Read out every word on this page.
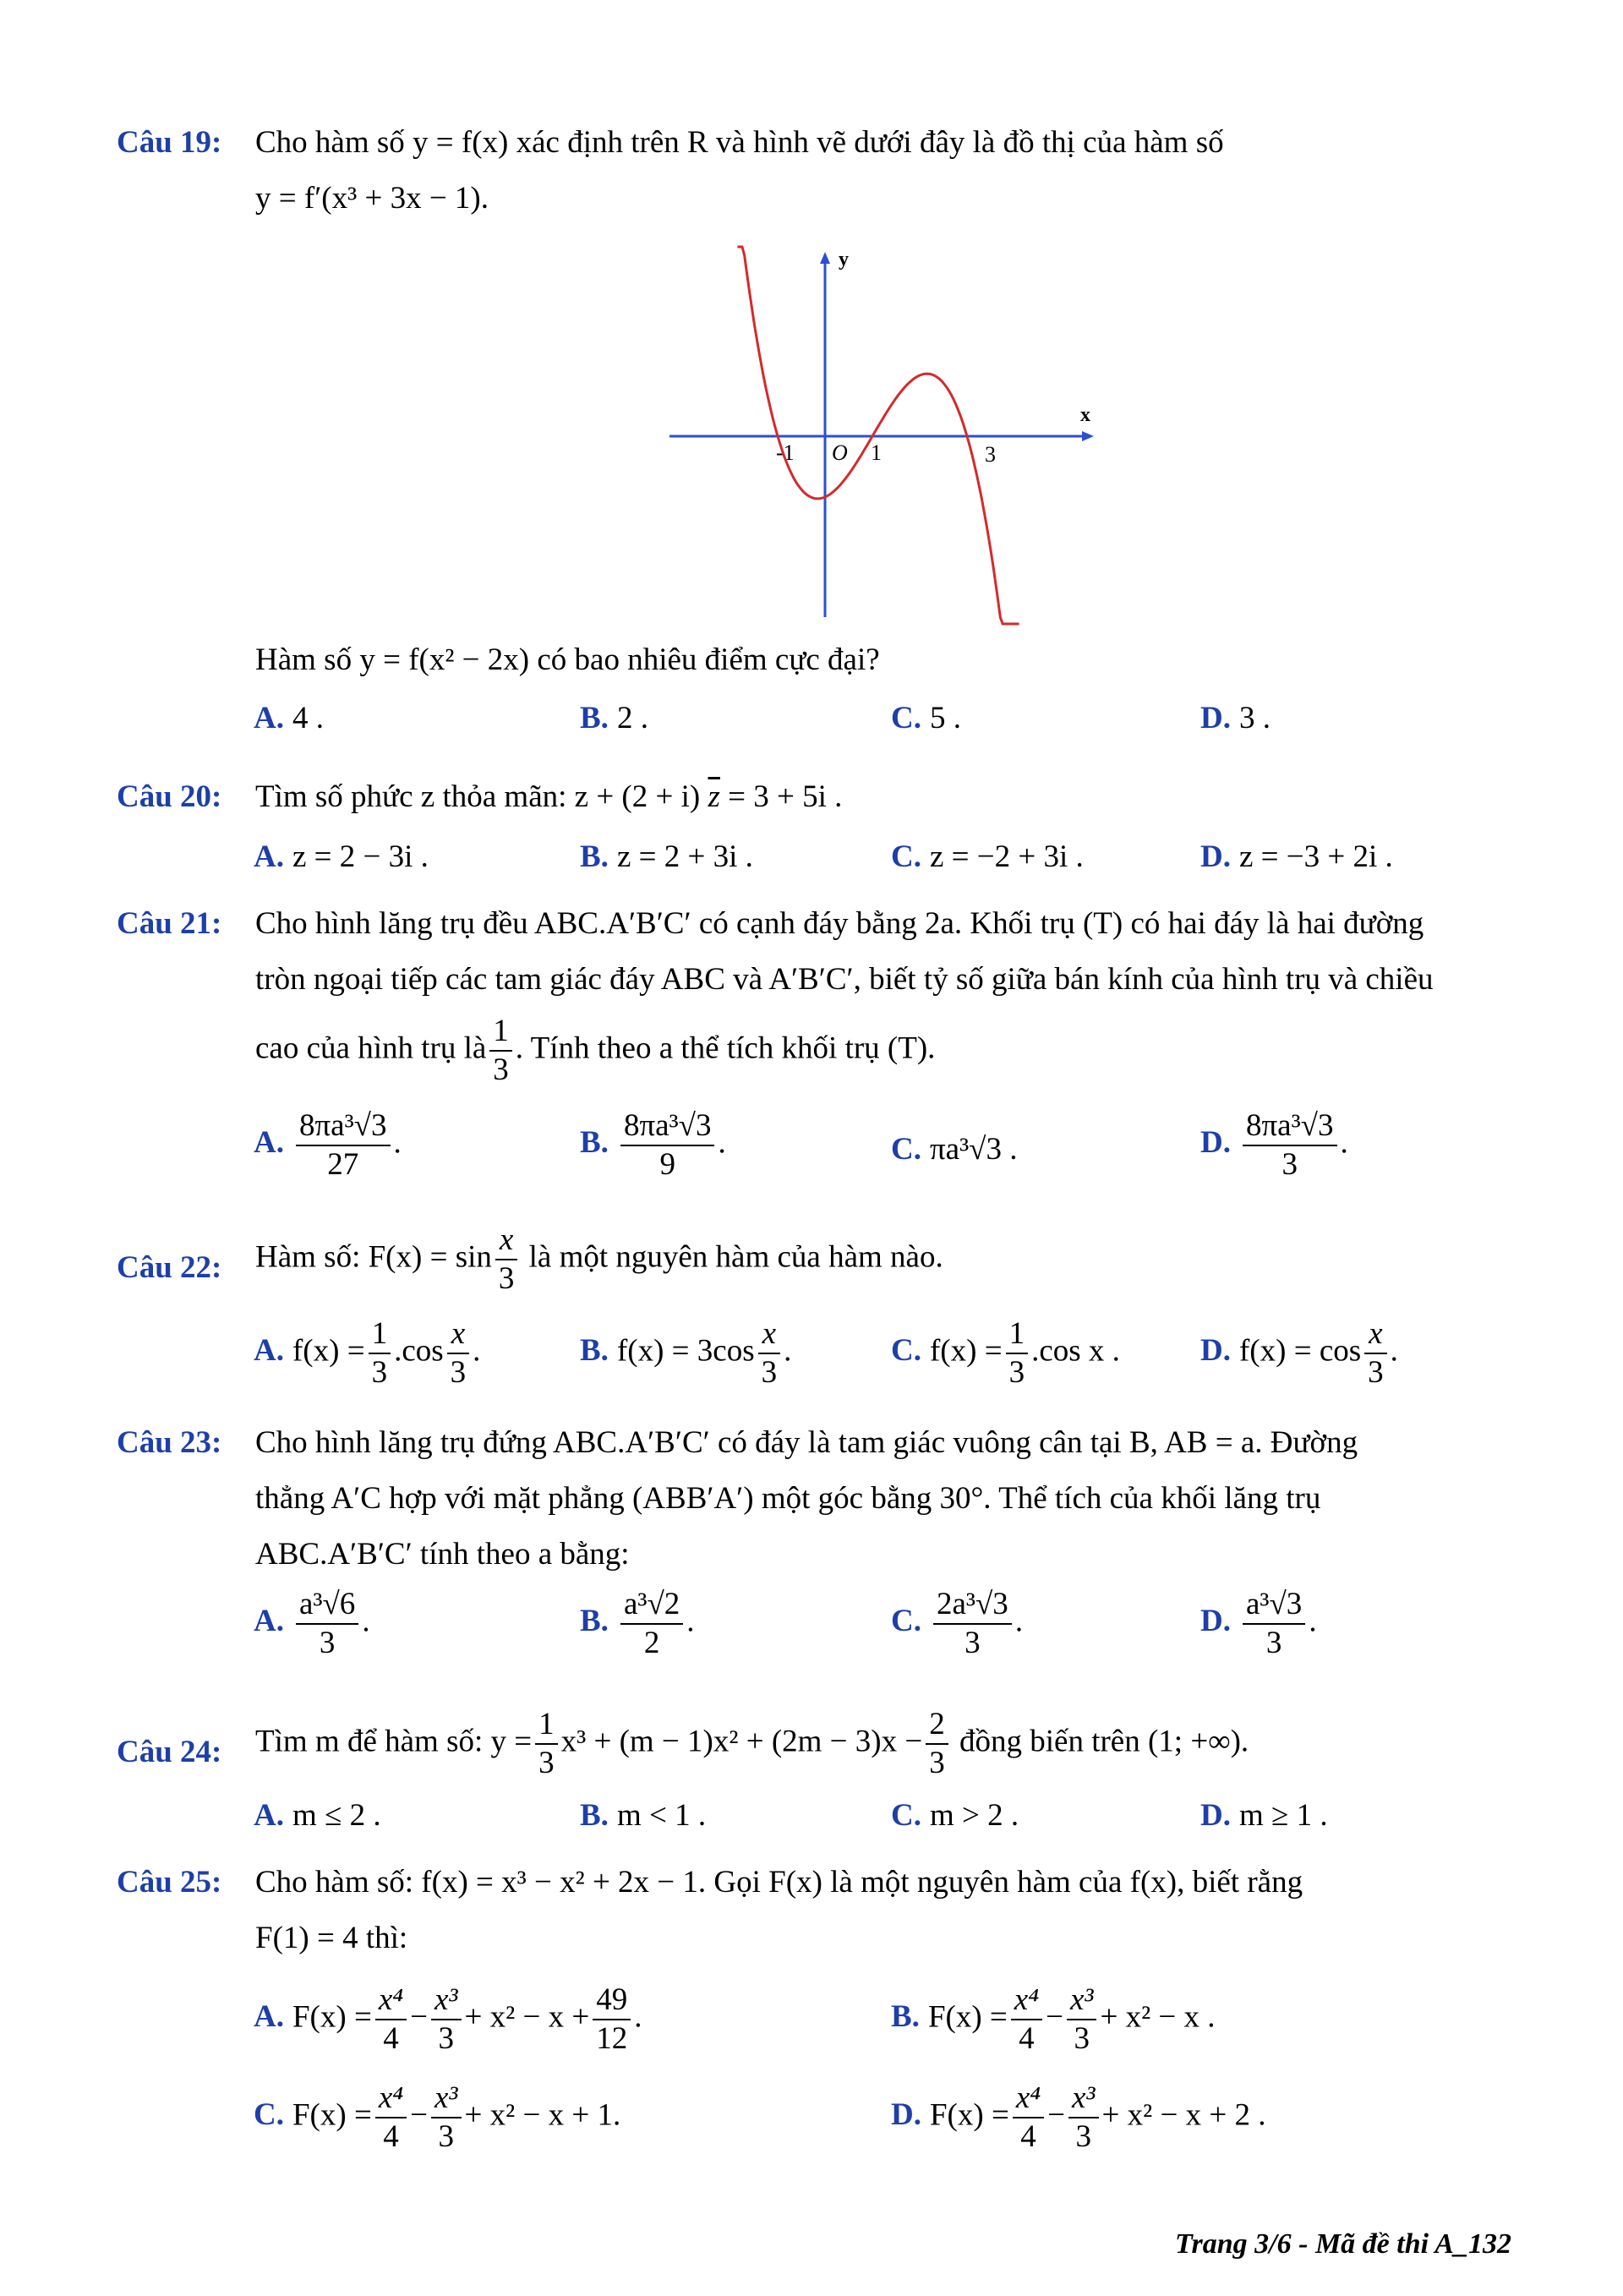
Câu 19: Cho hàm số y = f(x) xác định trên R và hình vẽ dưới đây là đồ thị của hàm số
y = f′(x³ + 3x − 1).
x
y
O
-1	1	3
Hàm số y = f(x² − 2x) có bao nhiêu điểm cực đại?
A. 4 .	B. 2 .	C. 5 .	D. 3 .
Câu 20: Tìm số phức z thỏa mãn: z + (2 + i) $\overline{z} = 3 + 5i$ .
A. z = 2 − 3i .	B. z = 2 + 3i .	C. z = −2 + 3i .	D. z = −3 + 2i .
Câu 21: Cho hình lăng trụ đều ABC.A′B′C′ có cạnh đáy bằng 2a. Khối trụ (T) có hai đáy là hai đường
tròn ngoại tiếp các tam giác đáy ABC và A′B′C′, biết tỷ số giữa bán kính của hình trụ và chiều
cao của hình trụ là $\frac{1}{3}$ . Tính theo a thể tích khối trụ (T).
A. $\frac{\text{8πa³√3}}{27}$ .	B. $\frac{\text{8πa³√3}}{9}$ .	C. πa³√3 .	D. $\frac{\text{8πa³√3}}{3}$ .
Câu 22: Hàm số: $F(x) = \sin \frac{x}{3}$ là một nguyên hàm của hàm nào.
A. $f(x) = \frac{1}{3} .\cos \frac{x}{3}$ .	B. $f(x) = 3\cos \frac{x}{3}$ .	C. $f(x) = \frac{1}{3} .\cos$ x .	D. $f(x) = \cos \frac{x}{3}$ .
Câu 23: Cho hình lăng trụ đứng ABC.A′B′C′ có đáy là tam giác vuông cân tại B, AB = a. Đường
thẳng A′C hợp với mặt phẳng (ABB′A′) một góc bằng 30°. Thể tích của khối lăng trụ
ABC.A′B′C′ tính theo a bằng:
A. $\frac{\text{a³√6}}{3}$ .	B. $\frac{\text{a³√2}}{2}$ .	C. $\frac{\text{2a³√3}}{3}$ .	D. $\frac{\text{a³√3}}{3}$ .
Câu 24: Tìm m để hàm số: $y = \frac{1}{3} x^3 + (m - 1)x^2 + (2m - 3)x - \frac{2}{3}$ đồng biến trên (1; +∞).
A. m ≤ 2 .	B. m < 1 .	C. m > 2 .	D. m ≥ 1 .
Câu 25: Cho hàm số: f(x) = x³ − x² + 2x − 1. Gọi F(x) là một nguyên hàm của f(x), biết rằng
F(1) = 4 thì:
A. $F(x) = \frac{\text{x⁴}}{4} - \frac{\text{x³}}{3} + x^2 - x + \frac{49}{12}$ .	B. $F(x) = \frac{\text{x⁴}}{4} - \frac{\text{x³}}{3} + x^2 - x$ .
C. $F(x) = \frac{\text{x⁴}}{4} - \frac{\text{x³}}{3} + x^2 - x + 1$.	D. $F(x) = \frac{\text{x⁴}}{4} - \frac{\text{x³}}{3} + x^2 - x + 2$ .
Trang 3/6 - Mã đề thi A_132
